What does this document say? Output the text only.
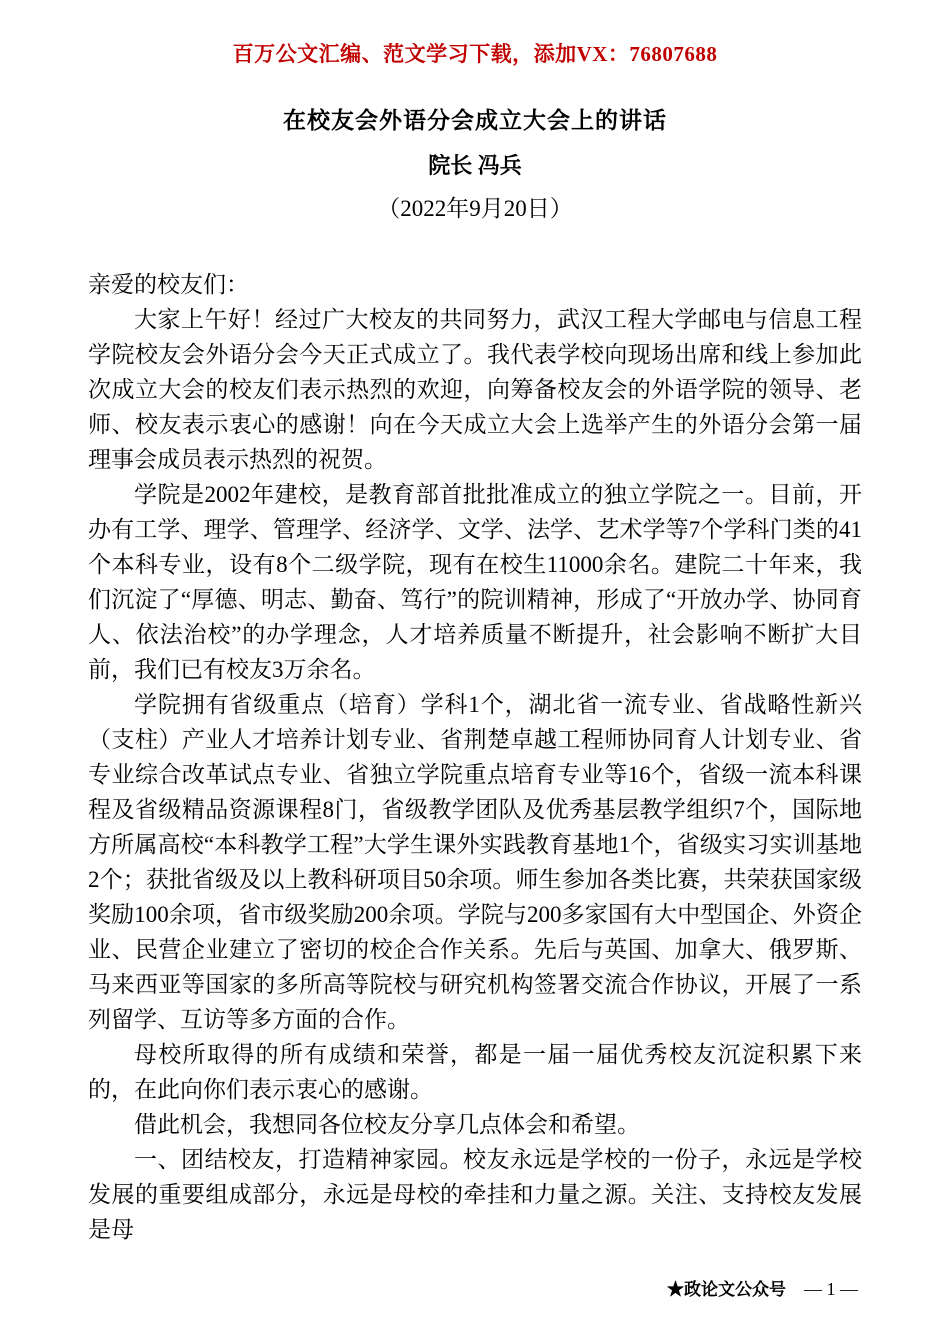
百万公文汇编、范文学习下载，添加VX：76807688
在校友会外语分会成立大会上的讲话
院长 冯兵
（2022年9月20日）

亲爱的校友们：

大家上午好！经过广大校友的共同努力，武汉工程大学邮电与信息工程学院校友会外语分会今天正式成立了。我代表学校向现场出席和线上参加此次成立大会的校友们表示热烈的欢迎，向筹备校友会的外语学院的领导、老师、校友表示衷心的感谢！向在今天成立大会上选举产生的外语分会第一届理事会成员表示热烈的祝贺。

学院是2002年建校，是教育部首批批准成立的独立学院之一。目前，开办有工学、理学、管理学、经济学、文学、法学、艺术学等7个学科门类的41个本科专业，设有8个二级学院，现有在校生11000余名。建院二十年来，我们沉淀了“厚德、明志、勤奋、笃行”的院训精神，形成了“开放办学、协同育人、依法治校”的办学理念，人才培养质量不断提升，社会影响不断扩大目前，我们已有校友3万余名。

学院拥有省级重点（培育）学科1个，湖北省一流专业、省战略性新兴（支柱）产业人才培养计划专业、省荆楚卓越工程师协同育人计划专业、省专业综合改革试点专业、省独立学院重点培育专业等16个，省级一流本科课程及省级精品资源课程8门，省级教学团队及优秀基层教学组织7个，国际地方所属高校“本科教学工程”大学生课外实践教育基地1个，省级实习实训基地2个；获批省级及以上教科研项目50余项。师生参加各类比赛，共荣获国家级奖励100余项，省市级奖励200余项。学院与200多家国有大中型国企、外资企业、民营企业建立了密切的校企合作关系。先后与英国、加拿大、俄罗斯、马来西亚等国家的多所高等院校与研究机构签署交流合作协议，开展了一系列留学、互访等多方面的合作。

母校所取得的所有成绩和荣誉，都是一届一届优秀校友沉淀积累下来的，在此向你们表示衷心的感谢。

借此机会，我想同各位校友分享几点体会和希望。

一、团结校友，打造精神家园。校友永远是学校的一份子，永远是学校发展的重要组成部分，永远是母校的牵挂和力量之源。关注、支持校友发展是母

★政论文公众号 — 1 —
